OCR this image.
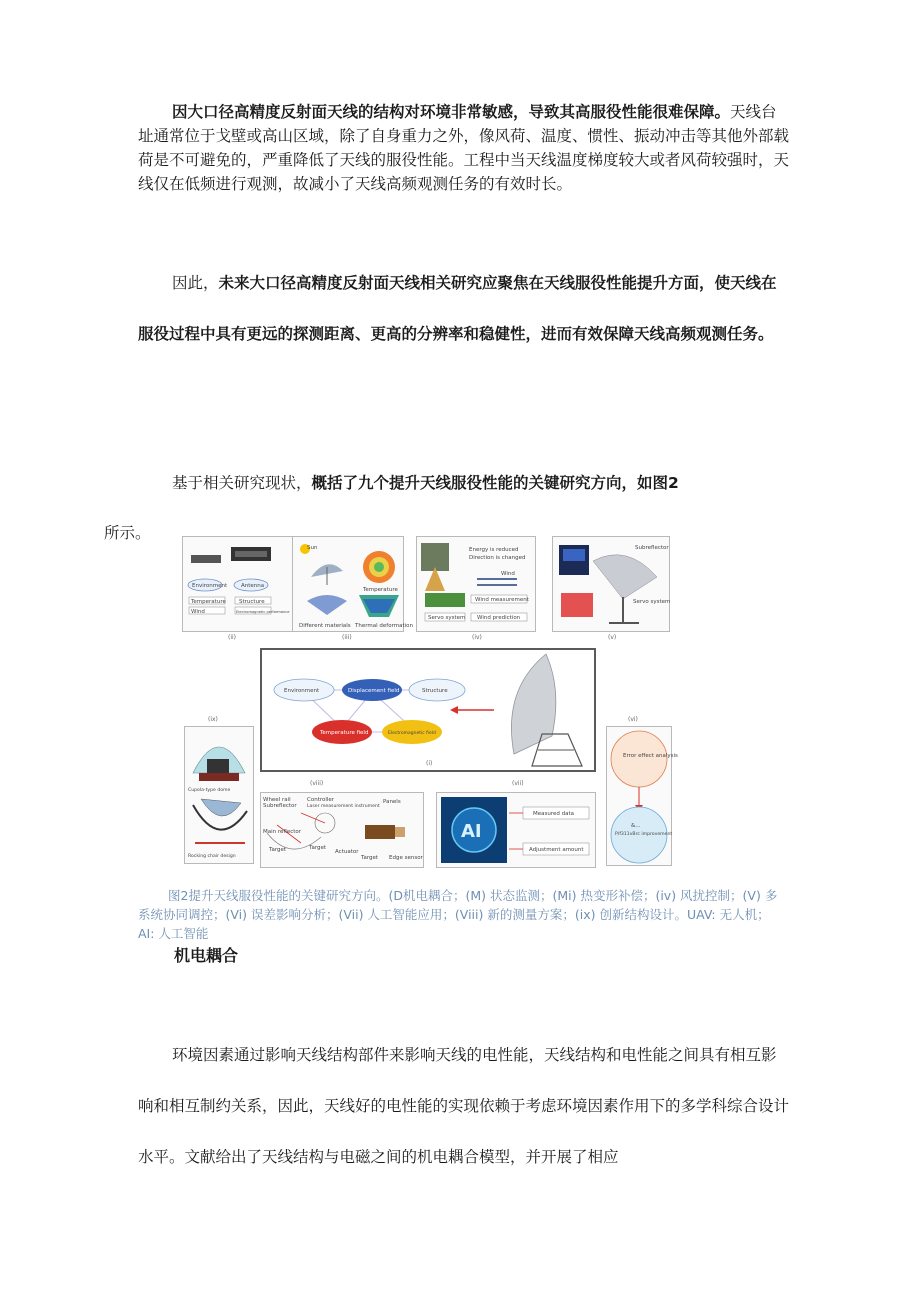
因大口径高精度反射面天线的结构对环境非常敏感，导致其高服役性能很难保障。天线台址通常位于戈壁或高山区域，除了自身重力之外，像风荷、温度、惯性、振动冲击等其他外部载荷是不可避免的，严重降低了天线的服役性能。工程中当天线温度梯度较大或者风荷较强时，天线仅在低频进行观测，故减小了天线高频观测任务的有效时长。
因此，未来大口径高精度反射面天线相关研究应聚焦在天线服役性能提升方面，使天线在服役过程中具有更远的探测距离、更高的分辨率和稳健性，进而有效保障天线高频观测任务。
基于相关研究现状，概括了九个提升天线服役性能的关键研究方向，如图2
所示。
Environment	Antenna
Temperature Structure
Wind	Electromagnetic performance
(ii)
Sun
Temperature
Different materials Thermal deformation
(iii)
Energy is reduced
Direction is changed
Wind
Wind measurement
Servo system Wind prediction
(iv)
Subreflector
Servo system
(v)
Environment	Displacement field	Structure
Temperature field	Electromagnetic field
(i)
(ix)
Cupola-type dome
Rocking chair design
Wheel rail
Subreflector
Controller
Laser measurement instrument
Panels
Main reflector
Target	Target
Actuator
Target Edge sensor
(viii)
AI
Measured data
Adjustment amount
(vii)
(vi)
Error effect analysis
&...
P/f311vBrc improvement
图2提升天线服役性能的关键研究方向。(D机电耦合；(M) 状态监测；(Mi) 热变形补偿；(iv) 风扰控制；(V) 多系统协同调控；(Vi) 误差影响分析；(Vii) 人工智能应用；(Viii) 新的测量方案；(ix) 创新结构设计。UAV: 无人机；AI: 人工智能
机电耦合
环境因素通过影响天线结构部件来影响天线的电性能，天线结构和电性能之间具有相互影响和相互制约关系，因此，天线好的电性能的实现依赖于考虑环境因素作用下的多学科综合设计水平。文献给出了天线结构与电磁之间的机电耦合模型，并开展了相应
